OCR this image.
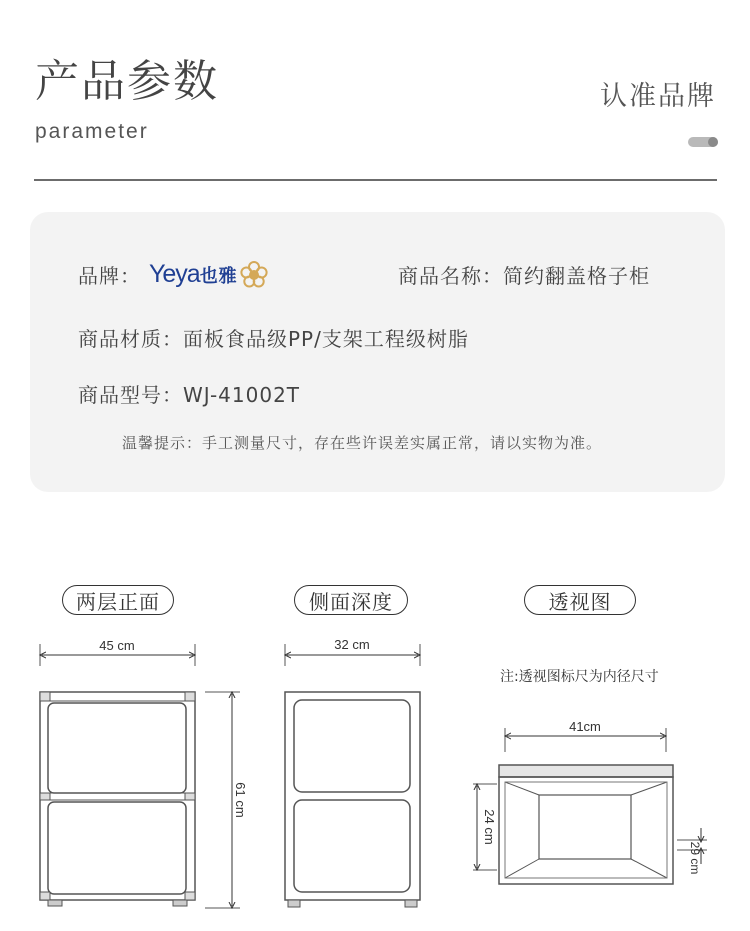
产品参数
parameter
认准品牌
品牌： Yeya 也雅	商品名称：简约翻盖格子柜
商品材质：面板食品级PP/支架工程级树脂
商品型号：WJ-41002T
温馨提示：手工测量尺寸，存在些许误差实属正常，请以实物为准。
两层正面	侧面深度	透视图
注:透视图标尺为内径尺寸
45 cm
61 cm
32 cm
41cm
24 cm
29 cm
